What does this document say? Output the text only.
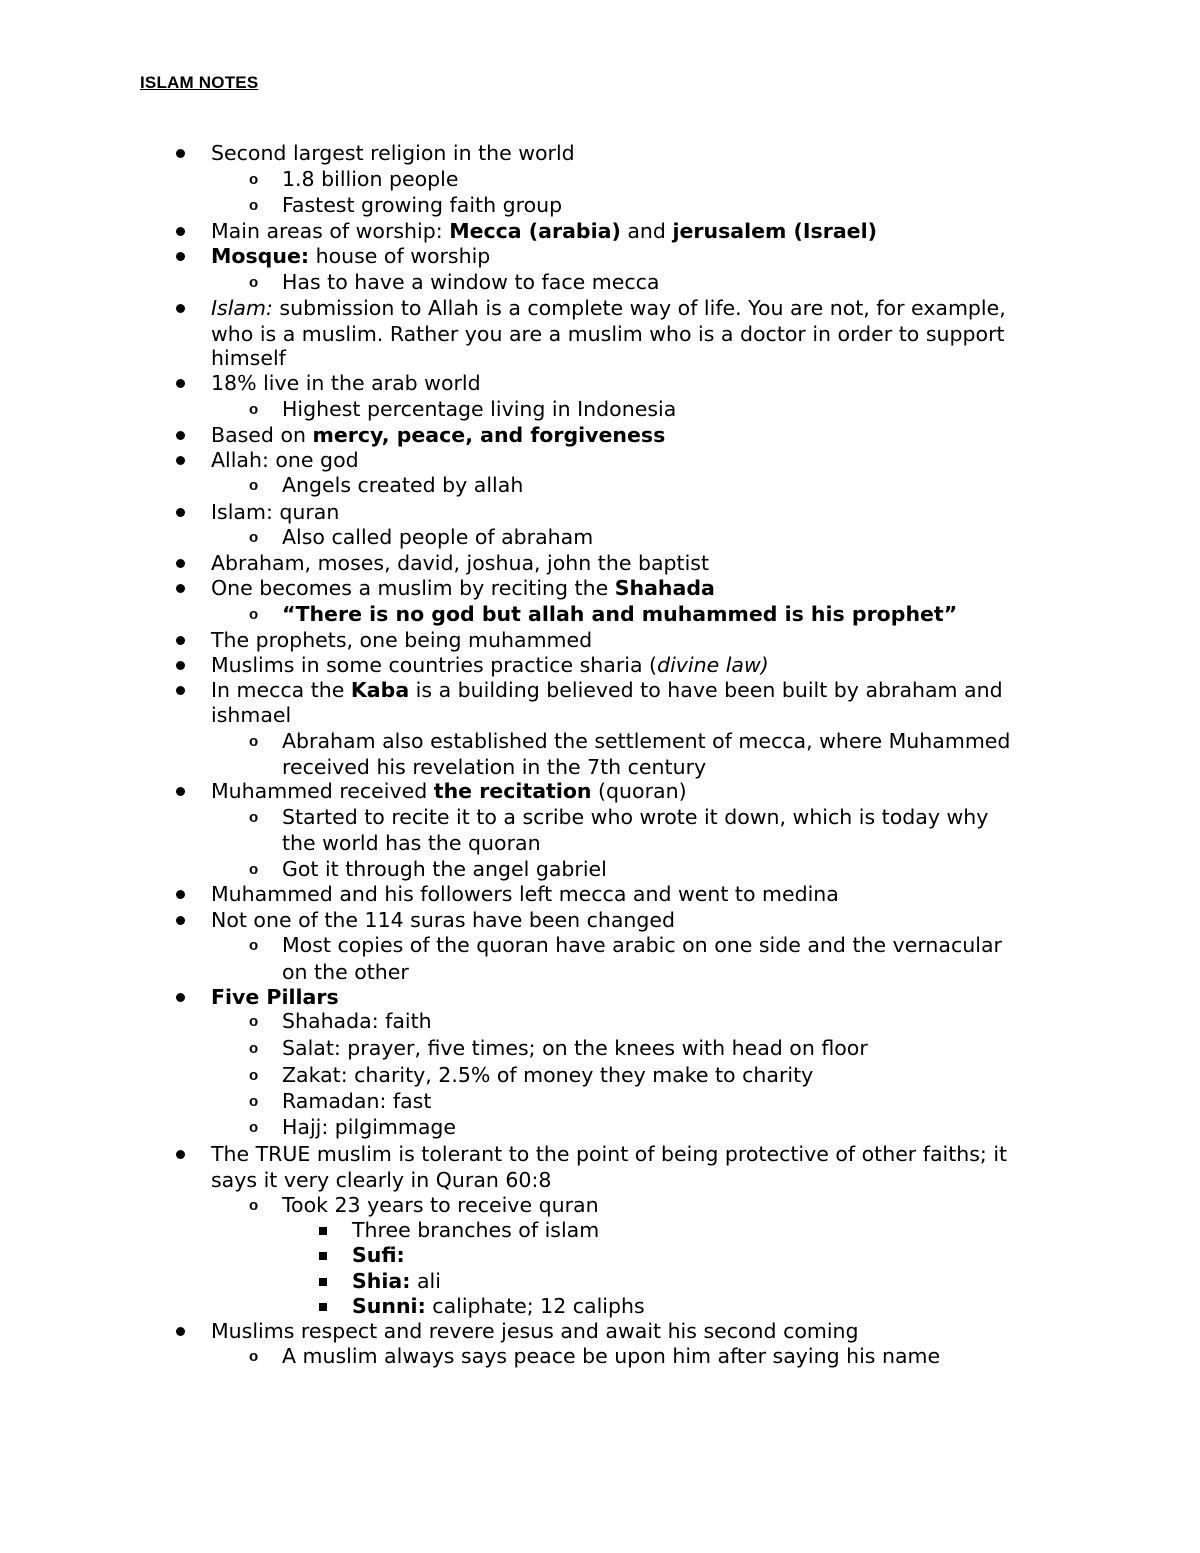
ISLAM NOTES
Second largest religion in the world
o 1.8 billion people
o Fastest growing faith group
Main areas of worship: Mecca (arabia) and jerusalem (Israel)
Mosque: house of worship
o Has to have a window to face mecca
Islam: submission to Allah is a complete way of life. You are not, for example,
who is a muslim. Rather you are a muslim who is a doctor in order to support
himself
18% live in the arab world
o Highest percentage living in Indonesia
Based on mercy, peace, and forgiveness
Allah: one god
o Angels created by allah
Islam: quran
o Also called people of abraham
Abraham, moses, david, joshua, john the baptist
One becomes a muslim by reciting the Shahada
o “There is no god but allah and muhammed is his prophet”
The prophets, one being muhammed
Muslims in some countries practice sharia (divine law)
In mecca the Kaba is a building believed to have been built by abraham and
ishmael
o Abraham also established the settlement of mecca, where Muhammed
received his revelation in the 7th century
Muhammed received the recitation (quoran)
o Started to recite it to a scribe who wrote it down, which is today why
the world has the quoran
o Got it through the angel gabriel
Muhammed and his followers left mecca and went to medina
Not one of the 114 suras have been changed
o Most copies of the quoran have arabic on one side and the vernacular
on the other
Five Pillars
o Shahada: faith
o Salat: prayer, five times; on the knees with head on floor
o Zakat: charity, 2.5% of money they make to charity
o Ramadan: fast
o Hajj: pilgimmage
The TRUE muslim is tolerant to the point of being protective of other faiths; it
says it very clearly in Quran 60:8
o Took 23 years to receive quran
Three branches of islam
Sufi:
Shia: ali
Sunni: caliphate; 12 caliphs
Muslims respect and revere jesus and await his second coming
o A muslim always says peace be upon him after saying his name
